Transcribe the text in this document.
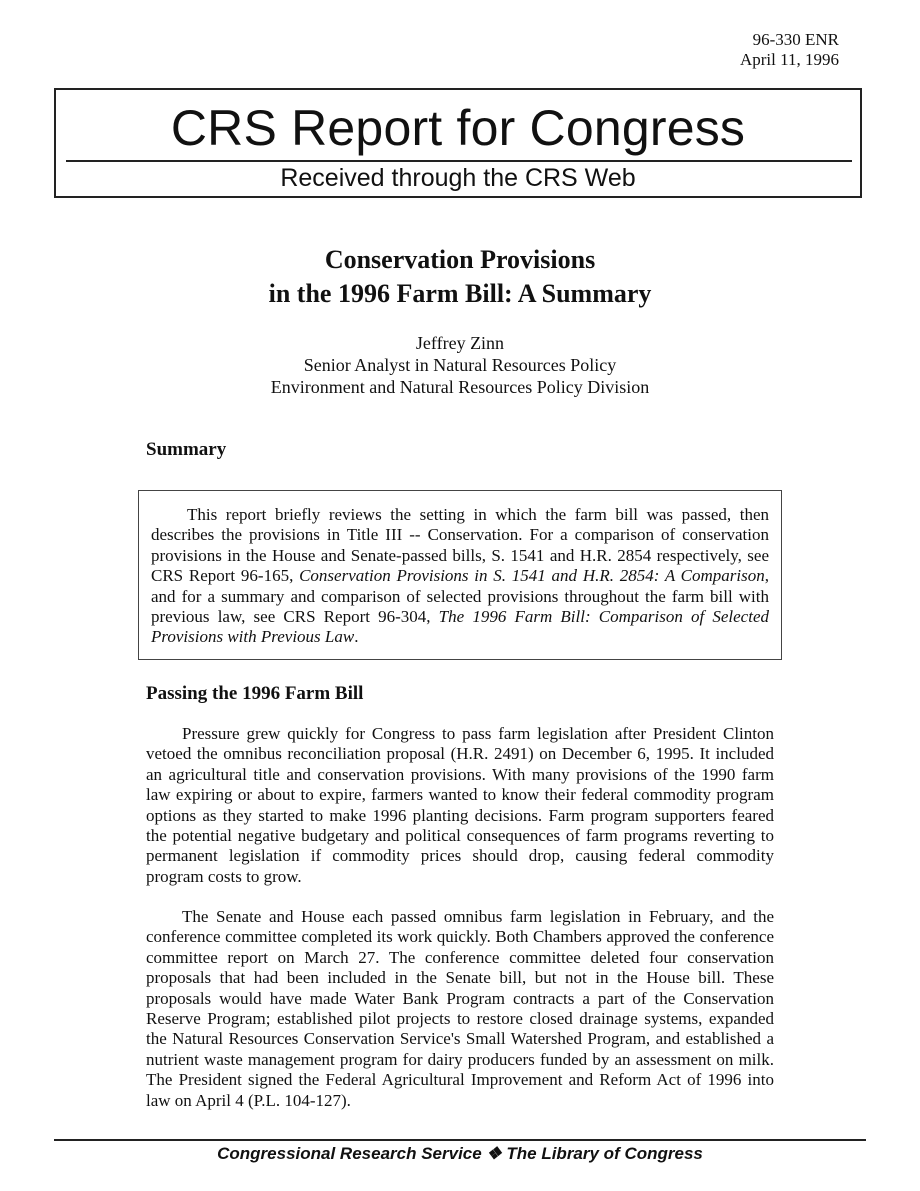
96-330 ENR
April 11, 1996
CRS Report for Congress
Received through the CRS Web
Conservation Provisions
in the 1996 Farm Bill: A Summary
Jeffrey Zinn
Senior Analyst in Natural Resources Policy
Environment and Natural Resources Policy Division
Summary

This report briefly reviews the setting in which the farm bill was passed, then describes the provisions in Title III -- Conservation. For a comparison of conservation provisions in the House and Senate-passed bills, S. 1541 and H.R. 2854 respectively, see CRS Report 96-165, Conservation Provisions in S. 1541 and H.R. 2854: A Comparison, and for a summary and comparison of selected provisions throughout the farm bill with previous law, see CRS Report 96-304, The 1996 Farm Bill: Comparison of Selected Provisions with Previous Law.

Passing the 1996 Farm Bill

Pressure grew quickly for Congress to pass farm legislation after President Clinton vetoed the omnibus reconciliation proposal (H.R. 2491) on December 6, 1995. It included an agricultural title and conservation provisions. With many provisions of the 1990 farm law expiring or about to expire, farmers wanted to know their federal commodity program options as they started to make 1996 planting decisions. Farm program supporters feared the potential negative budgetary and political consequences of farm programs reverting to permanent legislation if commodity prices should drop, causing federal commodity program costs to grow.

The Senate and House each passed omnibus farm legislation in February, and the conference committee completed its work quickly. Both Chambers approved the conference committee report on March 27. The conference committee deleted four conservation proposals that had been included in the Senate bill, but not in the House bill. These proposals would have made Water Bank Program contracts a part of the Conservation Reserve Program; established pilot projects to restore closed drainage systems, expanded the Natural Resources Conservation Service's Small Watershed Program, and established a nutrient waste management program for dairy producers funded by an assessment on milk. The President signed the Federal Agricultural Improvement and Reform Act of 1996 into law on April 4 (P.L. 104-127).

Congressional Research Service ❖ The Library of Congress
